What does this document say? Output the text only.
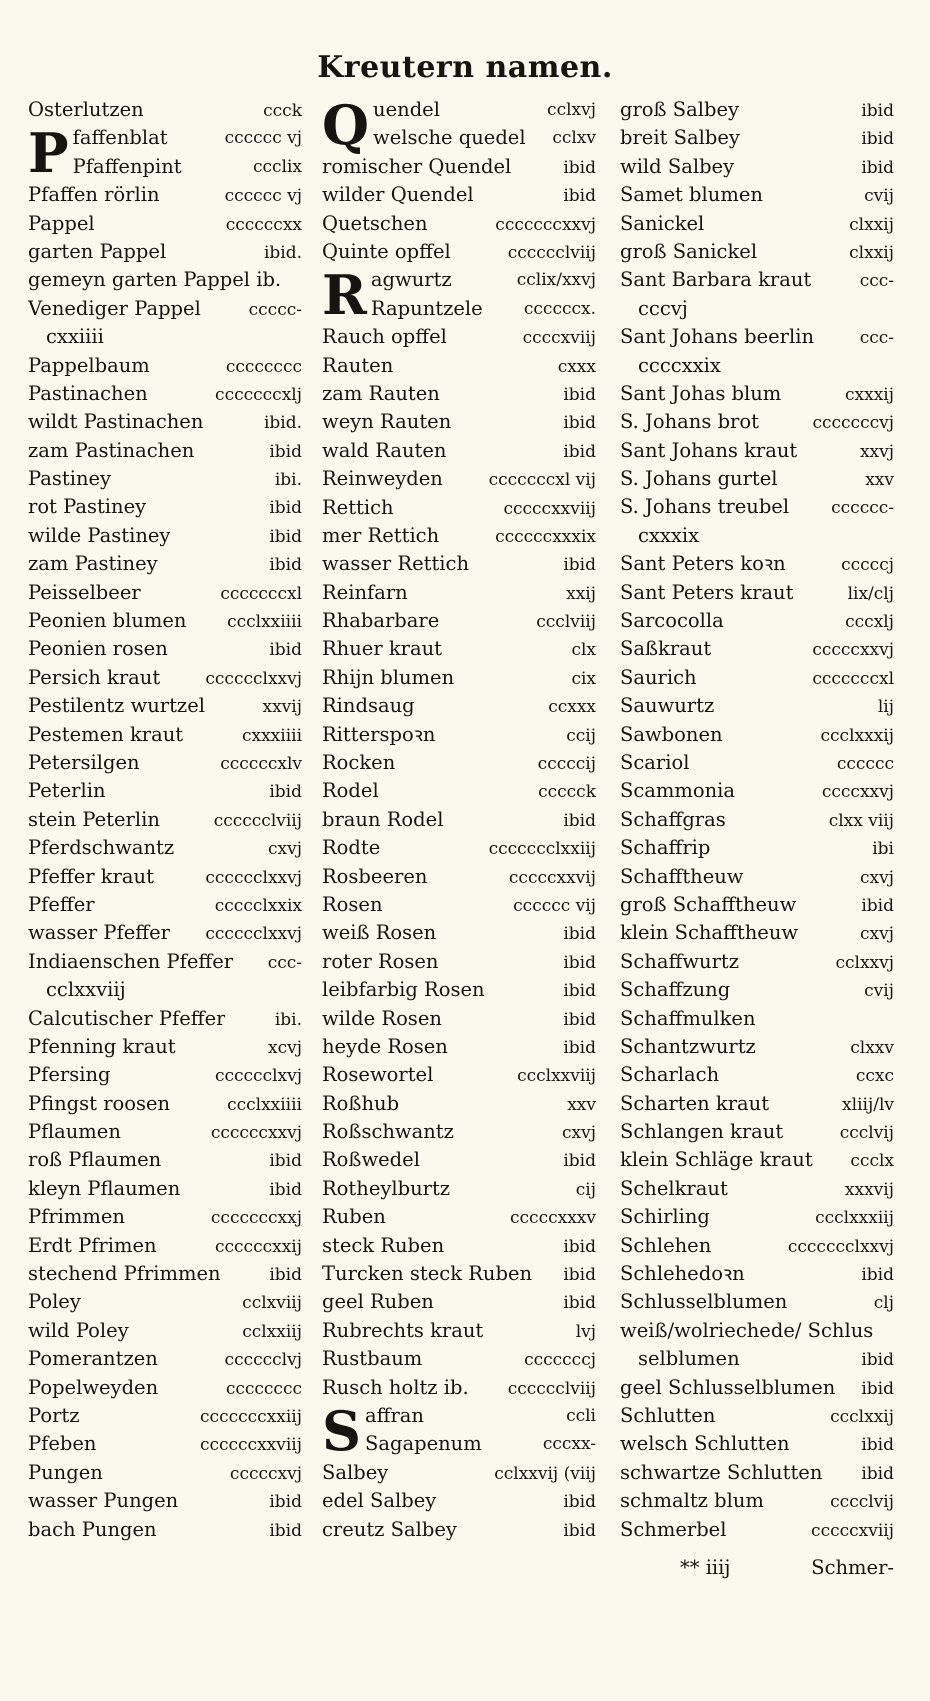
Kreutern namen.
Osterlutzen	ccck
P faffenblat	cccccc vj
Pfaffenpint	ccclix
Pfaffen rörlin	cccccc vj
Pappel	ccccccxx
garten Pappel	ibid.
gemeyn garten Pappel ib.
Venediger Pappel	ccccc-
cxxiiii
Pappelbaum	cccccccc
Pastinachen	cccccccxlj
wildt Pastinachen	ibid.
zam Pastinachen	ibid
Pastiney	ibi.
rot Pastiney	ibid
wilde Pastiney	ibid
zam Pastiney	ibid
Peisselbeer	cccccccxl
Peonien blumen	ccclxxiiii
Peonien rosen	ibid
Persich kraut	cccccclxxvj
Pestilentz wurtzel	xxvij
Pestemen kraut	cxxxiiii
Petersilgen	ccccccxlv
Peterlin	ibid
stein Peterlin	cccccclviij
Pferdschwantz	cxvj
Pfeffer kraut	cccccclxxvj
Pfeffer	ccccclxxix
wasser Pfeffer	cccccclxxvj
Indiaenschen Pfeffer	ccc-
cclxxviij
Calcutischer Pfeffer	ibi.
Pfenning kraut	xcvj
Pfersing	cccccclxvj
Pfingst roosen	ccclxxiiii
Pflaumen	ccccccxxvj
roß Pflaumen	ibid
kleyn Pflaumen	ibid
Pfrimmen	cccccccxxj
Erdt Pfrimen	ccccccxxij
stechend Pfrimmen	ibid
Poley	cclxviij
wild Poley	cclxxiij
Pomerantzen	cccccclvj
Popelweyden	cccccccc
Portz	cccccccxxiij
Pfeben	ccccccxxviij
Pungen	cccccxvj
wasser Pungen	ibid
bach Pungen	ibid
Q uendel	cclxvj
welsche quedel	cclxv
romischer Quendel	ibid
wilder Quendel	ibid
Quetschen	cccccccxxvj
Quinte opffel	cccccclviij
R agwurtz	cclix/xxvj
Rapuntzele	ccccccx.
Rauch opffel	ccccxviij
Rauten	cxxx
zam Rauten	ibid
weyn Rauten	ibid
wald Rauten	ibid
Reinweyden	cccccccxl vij
Rettich	cccccxxviij
mer Rettich	ccccccxxxix
wasser Rettich	ibid
Reinfarn	xxij
Rhabarbare	ccclviij
Rhuer kraut	clx
Rhijn blumen	cix
Rindsaug	ccxxx
Ritterspoꝛn	ccij
Rocken	cccccij
Rodel	ccccck
braun Rodel	ibid
Rodte	ccccccclxxiij
Rosbeeren	cccccxxvij
Rosen	cccccc vij
weiß Rosen	ibid
roter Rosen	ibid
leibfarbig Rosen	ibid
wilde Rosen	ibid
heyde Rosen	ibid
Rosewortel	ccclxxviij
Roßhub	xxv
Roßschwantz	cxvj
Roßwedel	ibid
Rotheylburtz	cij
Ruben	cccccxxxv
steck Ruben	ibid
Turcken steck Ruben	ibid
geel Ruben	ibid
Rubrechts kraut	lvj
Rustbaum	cccccccj
Rusch holtz ib.	cccccclviij
S affran	ccli
Sagapenum	cccxx-
Salbey	cclxxvij (viij
edel Salbey	ibid
creutz Salbey	ibid
groß Salbey	ibid
breit Salbey	ibid
wild Salbey	ibid
Samet blumen	cvij
Sanickel	clxxij
groß Sanickel	clxxij
Sant Barbara kraut	ccc-
cccvj
Sant Johans beerlin	ccc-
ccccxxix
Sant Johas blum	cxxxij
S. Johans brot	cccccccvj
Sant Johans kraut	xxvj
S. Johans gurtel	xxv
S. Johans treubel	cccccc-
cxxxix
Sant Peters koꝛn	cccccj
Sant Peters kraut	lix/clj
Sarcocolla	cccxlj
Saßkraut	cccccxxvj
Saurich	cccccccxl
Sauwurtz	lij
Sawbonen	ccclxxxij
Scariol	cccccc
Scammonia	ccccxxvj
Schaffgras	clxx viij
Schaffrip	ibi
Schafftheuw	cxvj
groß Schafftheuw	ibid
klein Schafftheuw	cxvj
Schaffwurtz	cclxxvj
Schaffzung	cvij
Schaffmulken
Schantzwurtz	clxxv
Scharlach	ccxc
Scharten kraut	xliij/lv
Schlangen kraut	ccclvij
klein Schläge kraut	ccclx
Schelkraut	xxxvij
Schirling	ccclxxxiij
Schlehen	ccccccclxxvj
Schlehedoꝛn	ibid
Schlusselblumen	clj
weiß/wolriechede/ Schlus
selblumen	ibid
geel Schlusselblumen	ibid
Schlutten	ccclxxij
welsch Schlutten	ibid
schwartze Schlutten	ibid
schmaltz blum	cccclvij
Schmerbel	cccccxviij
** iiij	Schmer-
